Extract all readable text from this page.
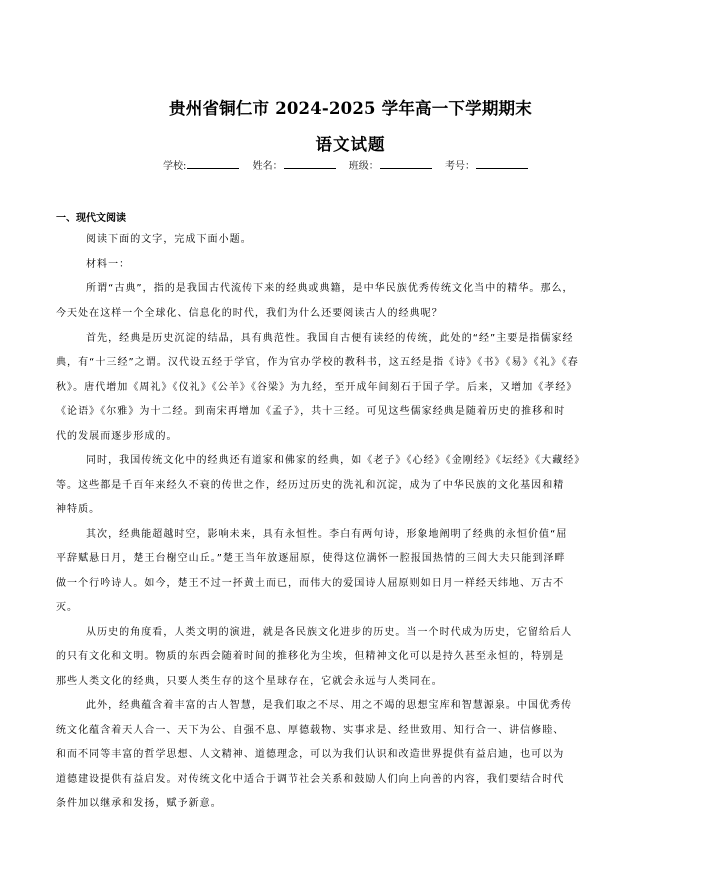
贵州省铜仁市 2024-2025 学年高一下学期期末
语文试题
学校:	姓名：	班级：	考号：
一、现代文阅读
阅读下面的文字，完成下面小题。
材料一：
所谓“古典”，指的是我国古代流传下来的经典或典籍，是中华民族优秀传统文化当中的精华。那么，
今天处在这样一个全球化、信息化的时代，我们为什么还要阅读古人的经典呢？
首先，经典是历史沉淀的结晶，具有典范性。我国自古便有读经的传统，此处的“经”主要是指儒家经
典，有“十三经”之谓。汉代设五经于学官，作为官办学校的教科书，这五经是指《诗》《书》《易》《礼》《春
秋》。唐代增加《周礼》《仪礼》《公羊》《谷梁》为九经，至开成年间刻石于国子学。后来，又增加《孝经》
《论语》《尔雅》为十二经。到南宋再增加《孟子》，共十三经。可见这些儒家经典是随着历史的推移和时
代的发展而逐步形成的。
同时，我国传统文化中的经典还有道家和佛家的经典，如《老子》《心经》《金刚经》《坛经》《大藏经》
等。这些都是千百年来经久不衰的传世之作，经历过历史的洗礼和沉淀，成为了中华民族的文化基因和精
神特质。
其次，经典能超越时空，影响未来，具有永恒性。李白有两句诗，形象地阐明了经典的永恒价值“屈
平辞赋悬日月，楚王台榭空山丘。”楚王当年放逐屈原，使得这位满怀一腔报国热情的三闾大夫只能到泽畔
做一个行吟诗人。如今，楚王不过一抔黄土而已，而伟大的爱国诗人屈原则如日月一样经天纬地、万古不
灭。
从历史的角度看，人类文明的演进，就是各民族文化进步的历史。当一个时代成为历史，它留给后人
的只有文化和文明。物质的东西会随着时间的推移化为尘埃，但精神文化可以是持久甚至永恒的，特别是
那些人类文化的经典，只要人类生存的这个星球存在，它就会永远与人类同在。
此外，经典蕴含着丰富的古人智慧，是我们取之不尽、用之不竭的思想宝库和智慧源泉。中国优秀传
统文化蕴含着天人合一、天下为公、自强不息、厚德载物、实事求是、经世致用、知行合一、讲信修睦、
和而不同等丰富的哲学思想、人文精神、道德理念，可以为我们认识和改造世界提供有益启迪，也可以为
道德建设提供有益启发。对传统文化中适合于调节社会关系和鼓励人们向上向善的内容，我们要结合时代
条件加以继承和发扬，赋予新意。
